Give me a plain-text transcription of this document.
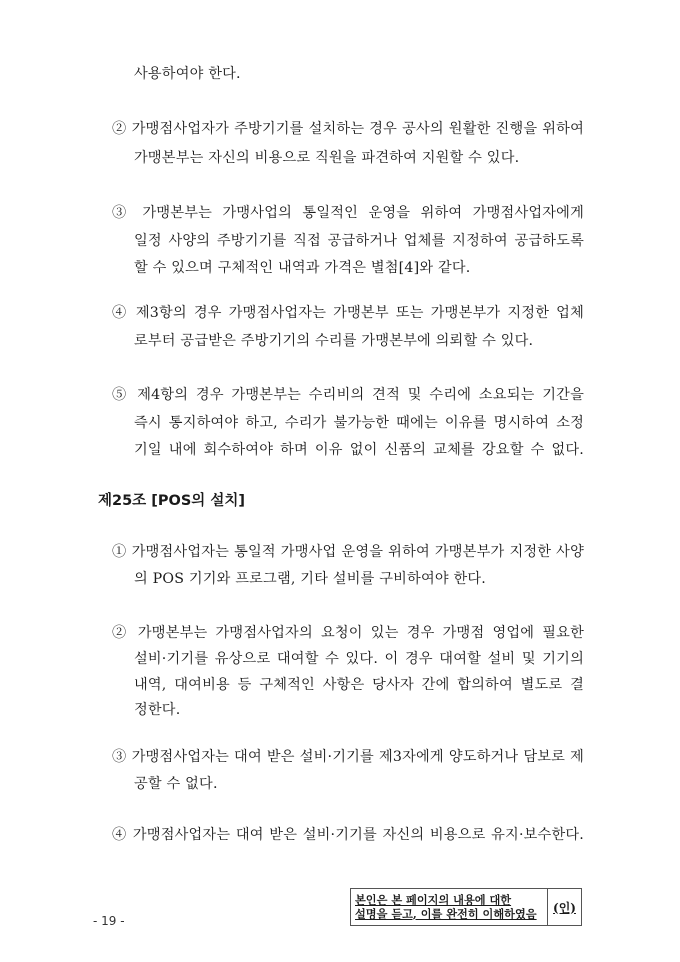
사용하여야 한다.
② 가맹점사업자가 주방기기를 설치하는 경우 공사의 원활한 진행을 위하여
가맹본부는 자신의 비용으로 직원을 파견하여 지원할 수 있다.
③ 가맹본부는 가맹사업의 통일적인 운영을 위하여 가맹점사업자에게
일정 사양의 주방기기를 직접 공급하거나 업체를 지정하여 공급하도록
할 수 있으며 구체적인 내역과 가격은 별첨[4]와 같다.
④ 제3항의 경우 가맹점사업자는 가맹본부 또는 가맹본부가 지정한 업체
로부터 공급받은 주방기기의 수리를 가맹본부에 의뢰할 수 있다.
⑤ 제4항의 경우 가맹본부는 수리비의 견적 및 수리에 소요되는 기간을
즉시 통지하여야 하고, 수리가 불가능한 때에는 이유를 명시하여 소정
기일 내에 회수하여야 하며 이유 없이 신품의 교체를 강요할 수 없다.
제25조 [POS의 설치]
① 가맹점사업자는 통일적 가맹사업 운영을 위하여 가맹본부가 지정한 사양
의 POS 기기와 프로그램, 기타 설비를 구비하여야 한다.
② 가맹본부는 가맹점사업자의 요청이 있는 경우 가맹점 영업에 필요한
설비·기기를 유상으로 대여할 수 있다. 이 경우 대여할 설비 및 기기의
내역, 대여비용 등 구체적인 사항은 당사자 간에 합의하여 별도로 결
정한다.
③ 가맹점사업자는 대여 받은 설비·기기를 제3자에게 양도하거나 담보로 제
공할 수 없다.
④ 가맹점사업자는 대여 받은 설비·기기를 자신의 비용으로 유지·보수한다.
본인은 본 페이지의 내용에 대한
설명을 듣고, 이를 완전히 이해하였음	(인)
- 19 -
